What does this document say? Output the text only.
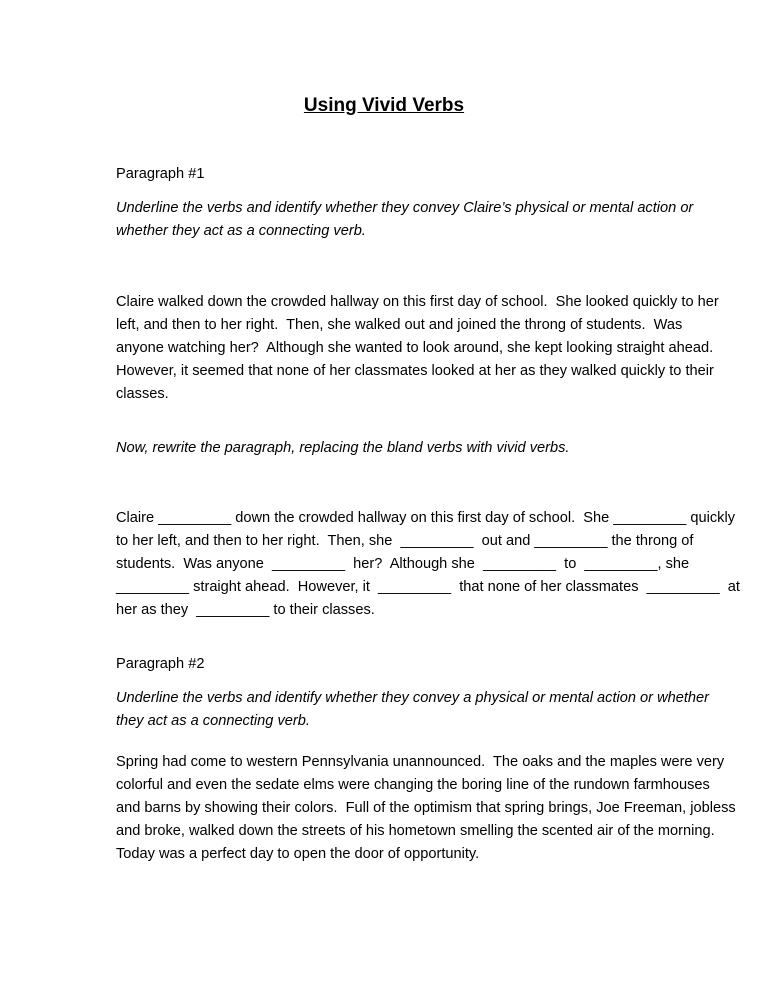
Using Vivid Verbs
Paragraph #1
Underline the verbs and identify whether they convey Claire’s physical or mental action or
whether they act as a connecting verb.
Claire walked down the crowded hallway on this first day of school.  She looked quickly to her
left, and then to her right.  Then, she walked out and joined the throng of students.  Was
anyone watching her?  Although she wanted to look around, she kept looking straight ahead.
However, it seemed that none of her classmates looked at her as they walked quickly to their
classes.
Now, rewrite the paragraph, replacing the bland verbs with vivid verbs.
Claire _________ down the crowded hallway on this first day of school.  She _________ quickly
to her left, and then to her right.  Then, she  _________  out and _________ the throng of
students.  Was anyone  _________  her?  Although she  _________  to  _________, she
_________ straight ahead.  However, it  _________  that none of her classmates  _________  at
her as they  _________ to their classes.
Paragraph #2
Underline the verbs and identify whether they convey a physical or mental action or whether
they act as a connecting verb.
Spring had come to western Pennsylvania unannounced.  The oaks and the maples were very
colorful and even the sedate elms were changing the boring line of the rundown farmhouses
and barns by showing their colors.  Full of the optimism that spring brings, Joe Freeman, jobless
and broke, walked down the streets of his hometown smelling the scented air of the morning.
Today was a perfect day to open the door of opportunity.
